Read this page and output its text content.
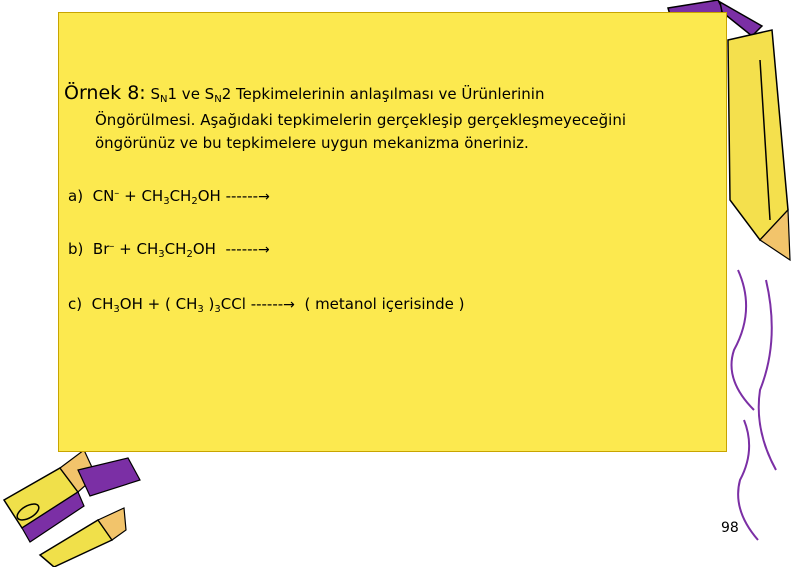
Örnek 8: $S_N1$ ve $S_N2$ Tepkimelerinin anlaşılması ve Ürünlerinin
Öngörülmesi. Aşağıdaki tepkimelerin gerçekleşip gerçekleşmeyeceğini
öngörünüz ve bu tepkimelere uygun mekanizma öneriniz.
a) $CN^- + CH_3CH_2OH$ ------→
b) $Br^- + CH_3CH_2OH$ ------→
c) $CH_3OH$ + ( $CH_3$ )$_3CCl$ ------→ ( metanol içerisinde )
98
